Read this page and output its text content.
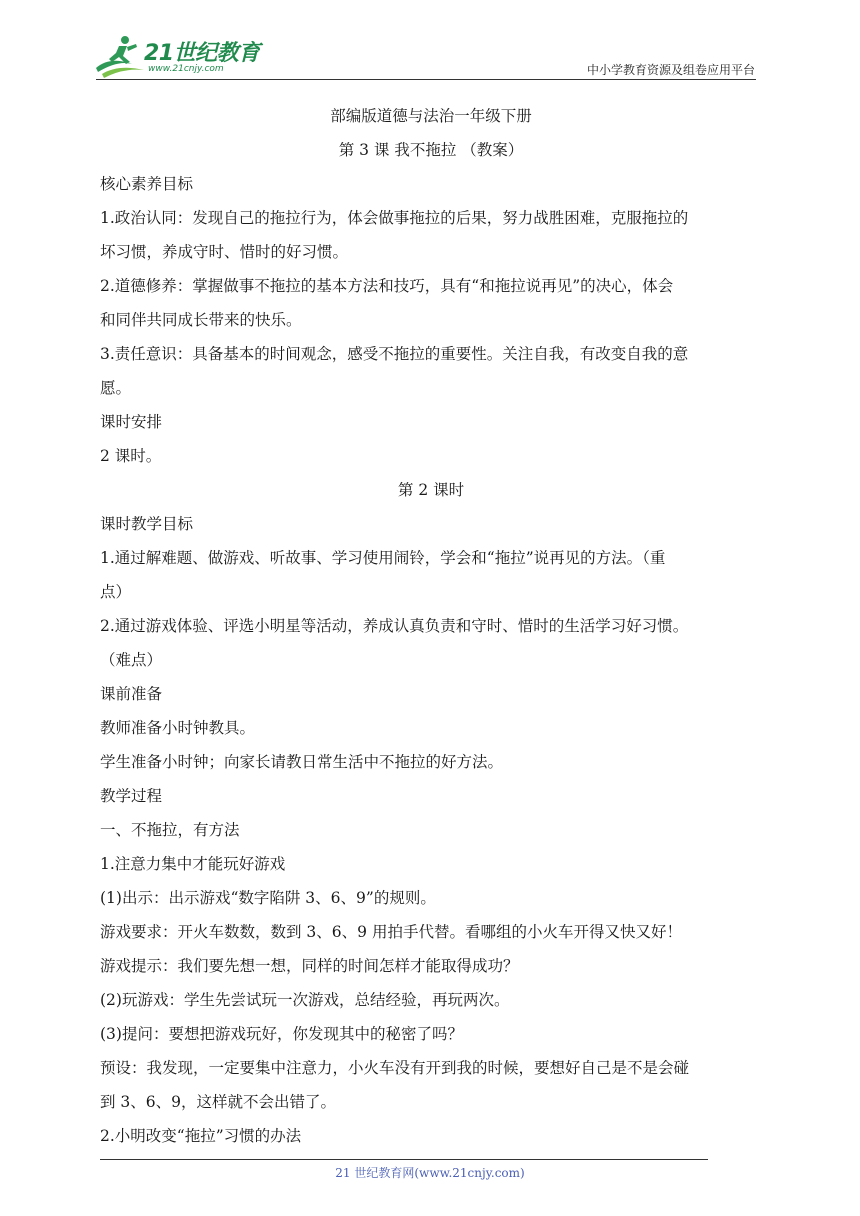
21世纪教育
www.21cnjy.com	中小学教育资源及组卷应用平台
部编版道德与法治一年级下册
第 3 课 我不拖拉 （教案）
核心素养目标
1.政治认同：发现自己的拖拉行为，体会做事拖拉的后果，努力战胜困难，克服拖拉的
坏习惯，养成守时、惜时的好习惯。
2.道德修养：掌握做事不拖拉的基本方法和技巧，具有“和拖拉说再见”的决心，体会
和同伴共同成长带来的快乐。
3.责任意识：具备基本的时间观念，感受不拖拉的重要性。关注自我，有改变自我的意
愿。
课时安排
2 课时。
第 2 课时
课时教学目标
1.通过解难题、做游戏、听故事、学习使用闹铃，学会和“拖拉”说再见的方法。（重
点）
2.通过游戏体验、评选小明星等活动，养成认真负责和守时、惜时的生活学习好习惯。
（难点）
课前准备
教师准备小时钟教具。
学生准备小时钟；向家长请教日常生活中不拖拉的好方法。
教学过程
一、不拖拉，有方法
1.注意力集中才能玩好游戏
(1)出示：出示游戏“数字陷阱 3、6、9”的规则。
游戏要求：开火车数数，数到 3、6、9 用拍手代替。看哪组的小火车开得又快又好！
游戏提示：我们要先想一想，同样的时间怎样才能取得成功？
(2)玩游戏：学生先尝试玩一次游戏，总结经验，再玩两次。
(3)提问：要想把游戏玩好，你发现其中的秘密了吗？
预设：我发现，一定要集中注意力，小火车没有开到我的时候，要想好自己是不是会碰
到 3、6、9，这样就不会出错了。
2.小明改变“拖拉”习惯的办法
21 世纪教育网(www.21cnjy.com)
